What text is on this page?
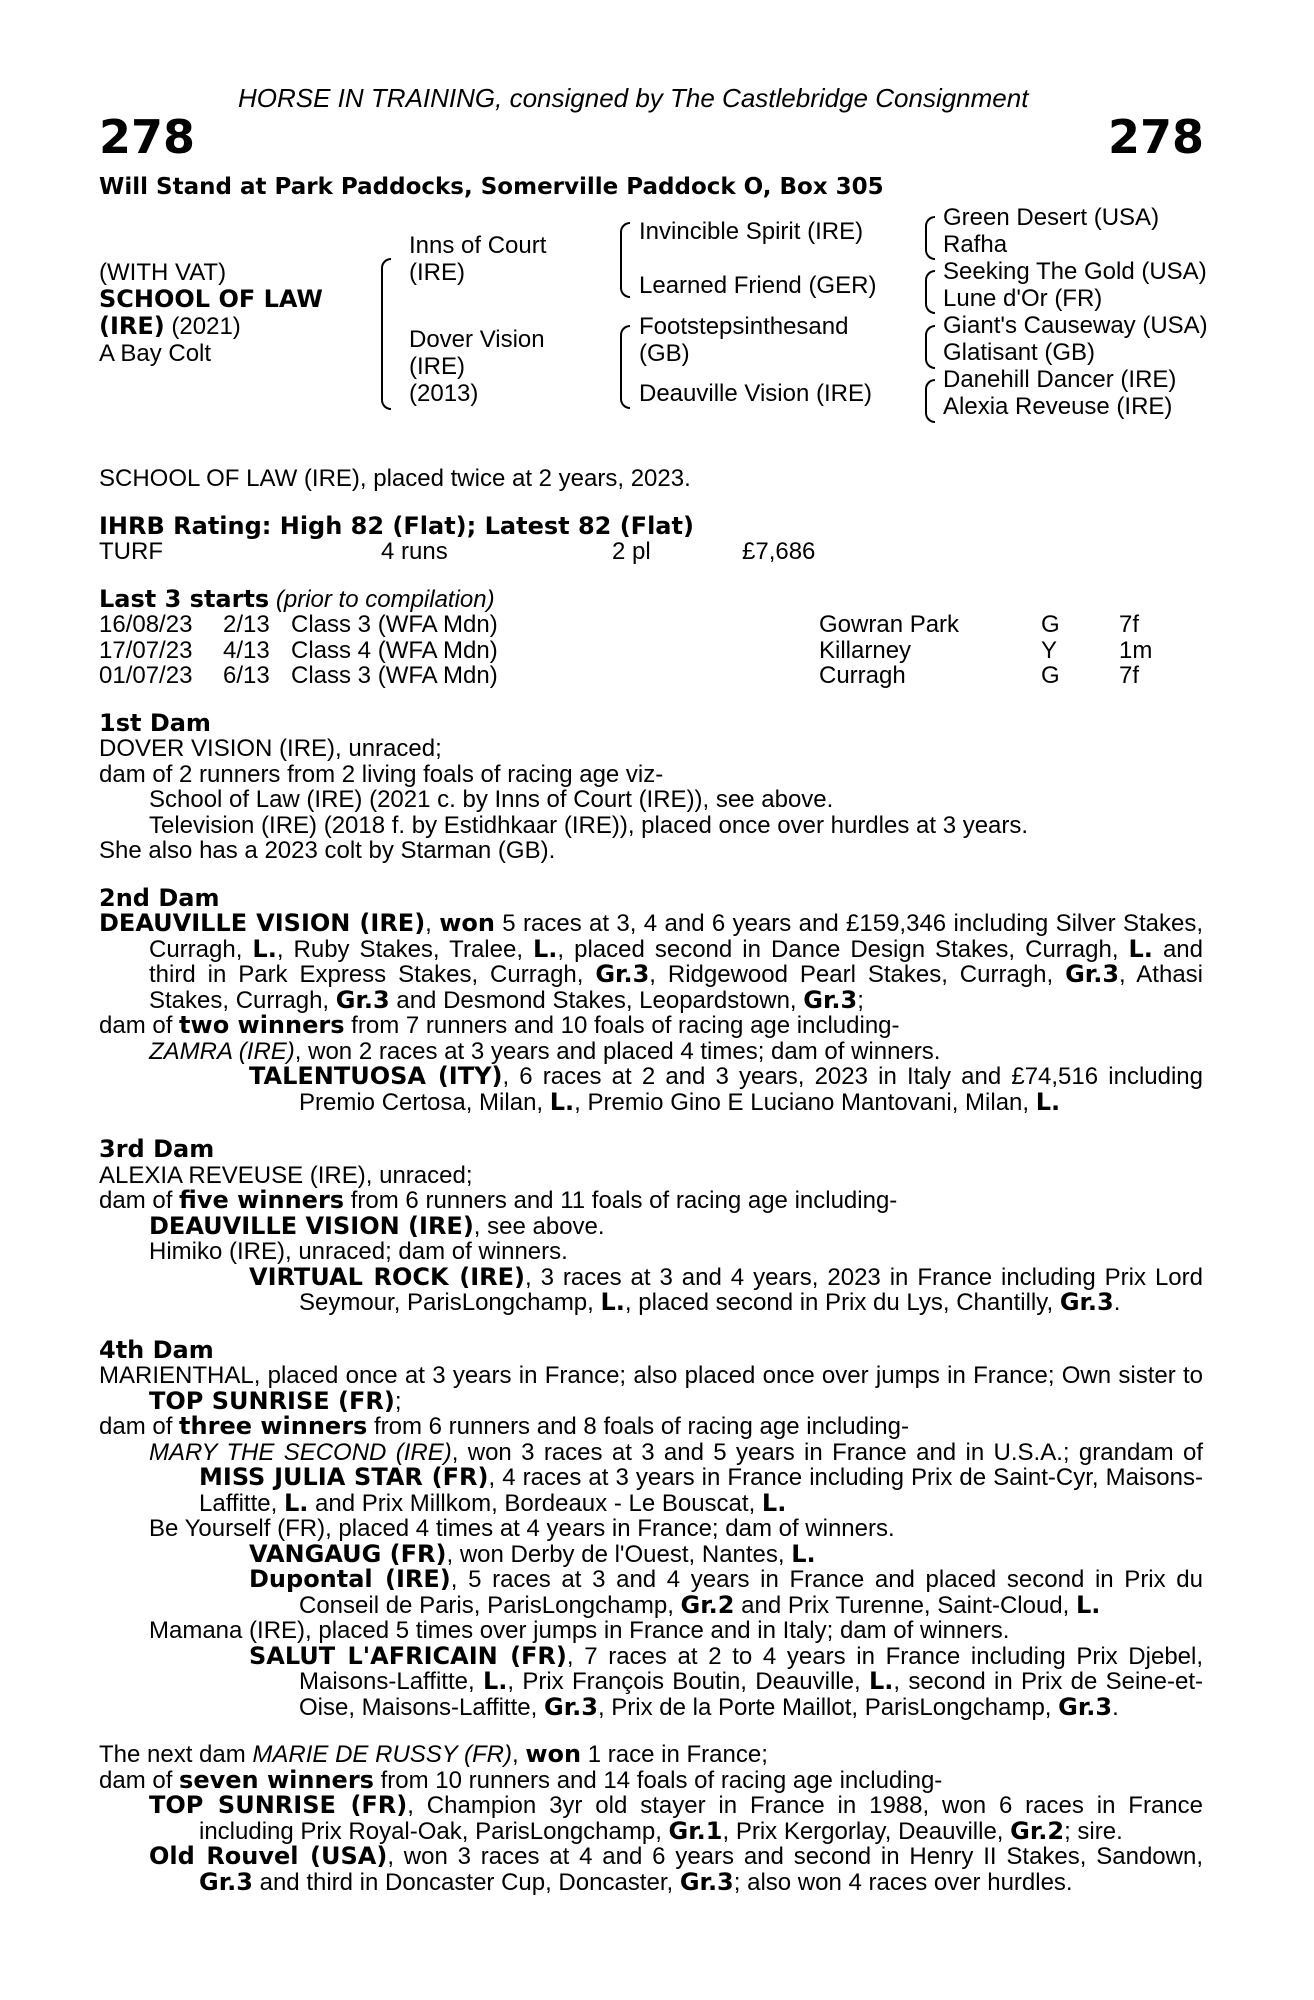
HORSE IN TRAINING, consigned by The Castlebridge Consignment
278	278
Will Stand at Park Paddocks, Somerville Paddock O, Box 305
(WITH VAT)
SCHOOL OF LAW
(IRE) (2021)
A Bay Colt
Inns of Court
(IRE)
Dover Vision
(IRE)
(2013)
Invincible Spirit (IRE)
Learned Friend (GER)
Footstepsinthesand
(GB)
Deauville Vision (IRE)
Green Desert (USA)
Rafha
Seeking The Gold (USA)
Lune d'Or (FR)
Giant's Causeway (USA)
Glatisant (GB)
Danehill Dancer (IRE)
Alexia Reveuse (IRE)

SCHOOL OF LAW (IRE), placed twice at 2 years, 2023.

IHRB Rating: High 82 (Flat); Latest 82 (Flat)

TURF	4 runs	2 pl	£7,686

Last 3 starts (prior to compilation)

16/08/23 2/13 Class 3 (WFA Mdn)	Gowran Park	G 7f
17/07/23 4/13 Class 4 (WFA Mdn)	Killarney	Y	1m
01/07/23 6/13 Class 3 (WFA Mdn)	Curragh	G 7f

1st Dam

DOVER VISION (IRE), unraced;

dam of 2 runners from 2 living foals of racing age viz-

School of Law (IRE) (2021 c. by Inns of Court (IRE)), see above.

Television (IRE) (2018 f. by Estidhkaar (IRE)), placed once over hurdles at 3 years.

She also has a 2023 colt by Starman (GB).

2nd Dam

DEAUVILLE VISION (IRE), won 5 races at 3, 4 and 6 years and £159,346 including Silver Stakes, Curragh, L., Ruby Stakes, Tralee, L., placed second in Dance Design Stakes, Curragh, L. and third in Park Express Stakes, Curragh, Gr.3, Ridgewood Pearl Stakes, Curragh, Gr.3, Athasi Stakes, Curragh, Gr.3 and Desmond Stakes, Leopardstown, Gr.3;

dam of two winners from 7 runners and 10 foals of racing age including-

ZAMRA (IRE), won 2 races at 3 years and placed 4 times; dam of winners.

TALENTUOSA (ITY), 6 races at 2 and 3 years, 2023 in Italy and £74,516 including Premio Certosa, Milan, L., Premio Gino E Luciano Mantovani, Milan, L.

3rd Dam

ALEXIA REVEUSE (IRE), unraced;

dam of five winners from 6 runners and 11 foals of racing age including-

DEAUVILLE VISION (IRE), see above.

Himiko (IRE), unraced; dam of winners.

VIRTUAL ROCK (IRE), 3 races at 3 and 4 years, 2023 in France including Prix Lord Seymour, ParisLongchamp, L., placed second in Prix du Lys, Chantilly, Gr.3.

4th Dam

MARIENTHAL, placed once at 3 years in France; also placed once over jumps in France; Own sister to TOP SUNRISE (FR);

dam of three winners from 6 runners and 8 foals of racing age including-

MARY THE SECOND (IRE), won 3 races at 3 and 5 years in France and in U.S.A.; grandam of MISS JULIA STAR (FR), 4 races at 3 years in France including Prix de Saint-Cyr, Maisons-Laffitte, L. and Prix Millkom, Bordeaux - Le Bouscat, L.

Be Yourself (FR), placed 4 times at 4 years in France; dam of winners.

VANGAUG (FR), won Derby de l'Ouest, Nantes, L.

Dupontal (IRE), 5 races at 3 and 4 years in France and placed second in Prix du Conseil de Paris, ParisLongchamp, Gr.2 and Prix Turenne, Saint-Cloud, L.

Mamana (IRE), placed 5 times over jumps in France and in Italy; dam of winners.

SALUT L'AFRICAIN (FR), 7 races at 2 to 4 years in France including Prix Djebel, Maisons-Laffitte, L., Prix François Boutin, Deauville, L., second in Prix de Seine-et-Oise, Maisons-Laffitte, Gr.3, Prix de la Porte Maillot, ParisLongchamp, Gr.3.

The next dam MARIE DE RUSSY (FR), won 1 race in France;

dam of seven winners from 10 runners and 14 foals of racing age including-

TOP SUNRISE (FR), Champion 3yr old stayer in France in 1988, won 6 races in France including Prix Royal-Oak, ParisLongchamp, Gr.1, Prix Kergorlay, Deauville, Gr.2; sire.

Old Rouvel (USA), won 3 races at 4 and 6 years and second in Henry II Stakes, Sandown, Gr.3 and third in Doncaster Cup, Doncaster, Gr.3; also won 4 races over hurdles.
